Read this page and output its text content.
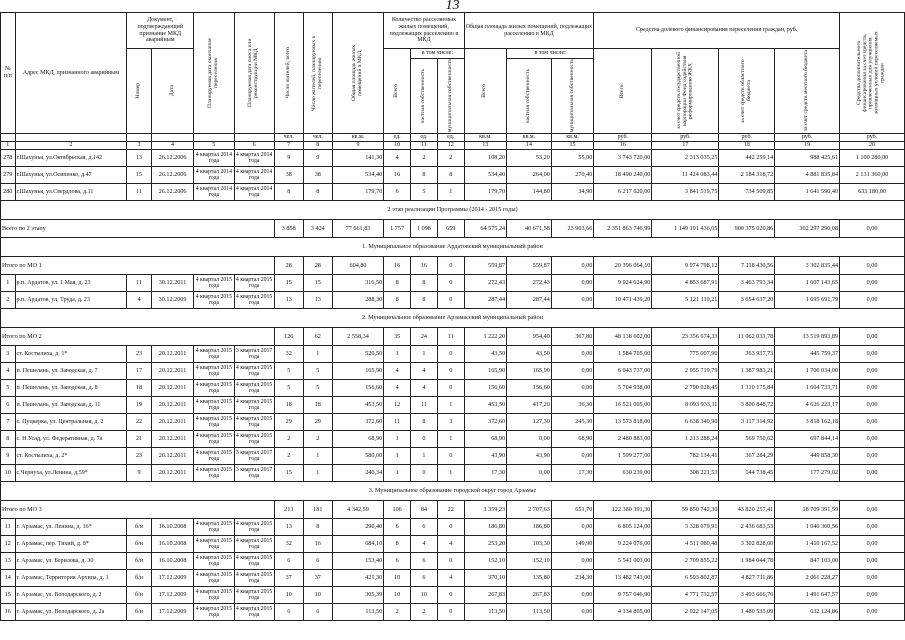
13
№ п/п	Адрес МКД, признанного аварийным	Документ, подтверждающий признание МКД аварийным		Планируемая дата окончания переселения	Планируемая дата сноса или реконструкции МКД	Число жителей, всего	Число жителей, планируемых к переселению	Общая площадь жилых помещений в МКД	Количество расселяемых жилых помещений, подлежащих расселению в МКД			Общая площадь жилых помещений, подлежащих расселению в МКД			Средства долевого финансирования переселения граждан, руб.				Средства дополнительного финансирования за счет средств, привлеченных для улучшения жилищных условий переселяемых граждан

		Номер	Дата						Всего	в том числе:		Всего	в том числе:		Всего:	за счет средств государственной корпорации Фонд содействия реформированию ЖКХ	за счет средств областного бюджета	за счет средств местного бюджета	

										частная собственность	муниципальная собственность		частная собственность	муниципальная собственность					

						чел.	чел.	кв.м.	ед.	ед.	ед.	кв.м.	кв.м.	кв.м.	руб.	руб.	руб.	руб.	руб.
1	2	3	4	5	6	7	8	9	10	11	12	13	14	15	16	17	18	19	20
278	г.Шахунья, ул.Октябрьская, д.142	13	26.12.2006	4 квартал 2014 года	4 квартал 2014 года	9	9	141,30	4	2	2	108,20	53,20	55,00	3 743 720,00	2 313 035,25	442 259,14	988 425,61	1 100 280,00
279	г.Шахунья, ул.Осипенко, д.47	15	26.12.2006	4 квартал 2014 года	4 квартал 2014 года	38	38	534,40	16	8	8	534,40	264,00	270,40	18 490 240,00	11 424 083,44	2 184 318,72	4 881 835,84	2 131 360,00
280	г.Шахунья, ул.Свердлова, д.11	11	26.12.2006	4 квартал 2014 года	4 квартал 2014 года	8	8	179,70	6	5	1	179,70	144,80	34,90	6 217 620,00	3 841 519,75	734 509,85	1 641 590,40	633 180,00
2 этап реализации Программы (2014 - 2015 годы)																			
Всего по 2 этапу						3 858	3 424	77 661,83	1 757	1 098	659	64 575,24	40 671,58	23 903,66	2 351 863 746,99	1 149 191 436,05	900 375 020,86	302 297 290,08	0,00
1. Муниципальное образование Ардатовский муниципальный район																			
Итого по МО 1						28	28	604,80	16	16	0	559,87	559,87	0,00	20 396 064,10	9 974 798,12	7 118 430,56	3 302 835,44	0,00
1	р.п. Ардатов, ул. 1 Мая, д. 23	11	30.12.2011	4 квартал 2015 года	4 квартал 2015 года	15	15	316,50	8	8	0	272,43	272,43	0,00	9 924 624,90	4 853 687,91	3 463 793,34	1 607 143,65	0,00
2	р.п. Ардатов, ул. Труда, д. 23	4	30.12.2009	4 квартал 2015 года	4 квартал 2015 года	13	13	288,30	8	8	0	287,44	287,44	0,00	10 471 439,20	5 121 110,21	3 654 637,20	1 695 691,79	0,00
2. Муниципальное образование Арзамасский муниципальный район																			
Итого по МО 2						126	62	2 558,34	35	24	11	1 222,20	954,40	367,80	48 138 602,00	23 356 674,33	11 062 033,78	13 519 893,89	0,00
3	ст. Костылиха, д. 1*	23	20.12.2011	4 квартал 2015 года	3 квартал 2017 года	32	1	520,50	1	1	0	43,50	43,50	0,00	1 584 705,00	775 007,90	363 937,73	445 759,37	0,00
4	п. Пешелань, ул. Заводская, д. 7	17	20.12.2011	4 квартал 2015 года	4 квартал 2015 года	5	5	165,90	4	4	0	165,90	165,90	0,00	6 043 737,00	2 955 719,79	1 387 983,21	1 700 034,00	0,00
5	п. Пешелань, ул. Заводская, д. 8	18	20.12.2011	4 квартал 2015 года	4 квартал 2015 года	5	5	156,60	4	4	0	156,60	156,60	0,00	5 704 938,00	2 790 028,45	1 310 175,84	1 604 733,71	0,00
6	п. Пешелань, ул. Заводская, д. 11	19	20.12.2011	4 квартал 2015 года	4 квартал 2015 года	18	18	453,50	12	11	1	453,50	417,20	36,30	16 521 005,00	8 093 933,11	3 800 848,72	4 626 223,17	0,00
7	с. Пуцкерка, ул. Центральная, д. 2	22	20.12.2011	4 квартал 2015 года	4 квартал 2015 года	29	29	372,60	11	8	3	372,60	127,30	245,30	13 573 818,00	6 638 340,90	3 117 314,92	3 818 162,18	0,00
8	с. Н.Усад, ул. Федеративная, д. 7а	21	20.12.2011	4 квартал 2015 года	4 квартал 2015 года	2	2	68,90	1	0	1	68,90	0,00	68,90	2 480 883,00	1 213 288,24	569 750,62	697 844,14	0,00
9	ст. Костылиха, д. 2*	23	20.12.2011	4 квартал 2015 года	3 квартал 2017 года	2	1	580,00	1	1	0	43,90	43,90	0,00	1 599 277,00	782 134,41	367 284,29	449 858,30	0,00
10	с.Чернуха, ул.Ленина, д.59*	9	20.12.2011	4 квартал 2015 года	3 квартал 2017 года	15	1	240,34	1	0	1	17,30	0,00	17,30	630 239,00	308 221,53	144 738,45	177 279,02	0,00
3. Муниципальное образование городской округ город Арзамас																			
Итого по МО 3						213	181	4 342,59	106	84	22	3 359,23	2 707,63	651,70	122 380 391,30	59 850 742,30	43 820 257,41	18 709 391,59	0,00
11	г. Арзамас, ул. Ленина, д. 16*	б/н	16.10.2008	4 квартал 2015 года	4 квартал 2015 года	13	8	290,40	6	6	0	186,80	186,80	0,00	6 805 124,00	3 328 079,91	2 436 683,53	1 040 360,56	0,00
12	г. Арзамас, пер. Тихий, д. 8*	б/н	16.10.2008	4 квартал 2015 года	4 квартал 2015 года	32	16	684,10	8	4	4	253,20	103,30	149,90	9 224 076,00	4 511 080,48	3 302 828,00	1 410 167,52	0,00
13	г. Арзамас, ул. Берилова, д. 30	б/н	16.10.2008	4 квартал 2015 года	4 квартал 2015 года	6	6	153,40	6	6	0	152,10	152,10	0,00	5 541 003,00	2 709 855,22	1 984 044,78	847 103,00	0,00
14	г. Арзамас, Территория Архипа, д. 1	б/н	17.12.2009	4 квартал 2015 года	4 квартал 2015 года	37	37	421,30	10	6	4	370,10	135,80	234,30	13 482 743,00	6 593 802,87	4 827 711,86	2 061 228,27	0,00
15	г. Арзамас, ул. Володарского, д. 2	б/н	17.12.2009	4 квартал 2015 года	4 квартал 2015 года	10	10	305,39	10	10	0	267,83	267,83	0,00	9 757 046,90	4 771 732,57	3 493 666,76	1 491 647,57	0,00
16	г. Арзамас, ул. Володарского, д. 2а	б/н	17.12.2009	4 квартал 2015 года	4 квартал 2015 года	6	6	113,50	2	2	0	113,50	113,50	0,00	4 134 805,00	2 022 147,05	1 480 533,09	632 124,86	0,00
